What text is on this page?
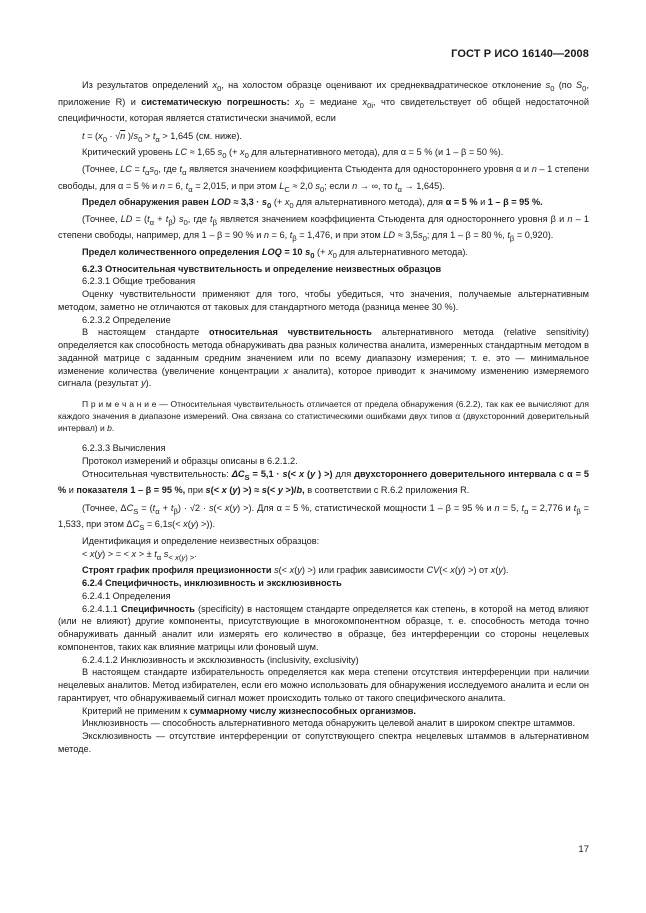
ГОСТ Р ИСО 16140—2008

Из результатов определений $x_0$, на холостом образце оценивают их среднеквадратическое отклонение $s_0$ (по $S_0$, приложение R) и систематическую погрешность: $x_0$ = медиане $x_{0i}$, что свидетельствует об общей недостаточной специфичности, которая является статистически значимой, если

$t = (x_0 \cdot √n$ )$/s_0 > t_\alpha > 1,645$ (см. ниже).

Критический уровень LC ≈ 1,65 $s_0$ (+ $x_0$ для альтернативного метода), для α = 5 % (и 1 – β = 50 %).

(Точнее, LC = $t_\alpha s_0$, где $t_\alpha$ является значением коэффициента Стьюдента для одностороннего уровня α и n – 1 степени свободы, для α = 5 % и n = 6, $t_\alpha = 2,015$, и при этом $L_C \approx 2,0$ $s_0$; если n → ∞, то $t_\alpha \to 1,645$).

Предел обнаружения равен LOD ≈ $3,3 \cdot s_0$ (+ $x_0$ для альтернативного метода), для α = 5 % и 1 – β = 95 %.

(Точнее, LD = $(t_\alpha + t_\beta)$ $s_0$, где $t_\beta$ является значением коэффициента Стьюдента для одностороннего уровня β и n – 1 степени свободы, например, для 1 – β = 90 % и n = 6, $t_\beta = 1,476$, и при этом LD ≈ $3,5s_0$; для 1 – β = 80 %, $t_\beta = 0,920$).

Предел количественного определения LOQ = 10 $s_0$ (+ $x_0$ для альтернативного метода).

6.2.3 Относительная чувствительность и определение неизвестных образцов

6.2.3.1 Общие требования

Оценку чувствительности применяют для того, чтобы убедиться, что значения, получаемые альтернативным методом, заметно не отличаются от таковых для стандартного метода (разница менее 30 %).

6.2.3.2 Определение

В настоящем стандарте относительная чувствительность альтернативного метода (relative sensitivity) определяется как способность метода обнаруживать два разных количества аналита, измеренных стандартным методом в заданной матрице с заданным средним значением или по всему диапазону измерения; т. е. это — минимальное изменение количества (увеличение концентрации x аналита), которое приводит к значимому изменению измеряемого сигнала (результат y).

П р и м е ч а н и е — Относительная чувствительность отличается от предела обнаружения (6.2.2), так как ее вычисляют для каждого значения в диапазоне измерений. Она связана со статистическими ошибками двух типов α (двухсторонний доверительный интервал) и b.

6.2.3.3 Вычисления

Протокол измерений и образцы описаны в 6.2.1.2.

Относительная чувствительность: $\Delta C_S = 5,1 \cdot s(< x$ (y ) >) для двухстороннего доверительного интервала с α = 5 % и показателя 1 – β = 95 %, при s(< x (y) >) ≈ s(< y >)/b, в соответствии с R.6.2 приложения R.

(Точнее, $\Delta C_S = (t_\alpha + t_\beta) \cdot √2 \cdot s(< x(y)$ >). Для α = 5 %, статистической мощности 1 – β = 95 % и n = 5, $t_\alpha = 2,776$ и $t_\beta = 1,533$, при этом $\Delta C_S = 6,1s(< x(y)$ >)).

Идентификация и определение неизвестных образцов:

< x(y) > = < x > ± $t_\alpha$ $s_{< x(y) >}$.

Строят график профиля прецизионности s(< x(y) >) или график зависимости CV(< x(y) >) от x(y).

6.2.4 Специфичность, инклюзивность и эксклюзивность

6.2.4.1 Определения

6.2.4.1.1 Специфичность (specificity) в настоящем стандарте определяется как степень, в которой на метод влияют (или не влияют) другие компоненты, присутствующие в многокомпонентном образце, т. е. способность метода точно обнаруживать данный аналит или измерять его количество в образце, без интерференции со стороны нецелевых компонентов, таких как влияние матрицы или фоновый шум.

6.2.4.1.2 Инклюзивность и эксклюзивность (inclusivity, exclusivity)

В настоящем стандарте избирательность определяется как мера степени отсутствия интерференции при наличии нецелевых аналитов. Метод избирателен, если его можно использовать для обнаружения исследуемого аналита и если он гарантирует, что обнаруживаемый сигнал может происходить только от такого специфического аналита.

Критерий не применим к суммарному числу жизнеспособных организмов.

Инклюзивность — способность альтернативного метода обнаружить целевой аналит в широком спектре штаммов.

Эксклюзивность — отсутствие интерференции от сопутствующего спектра нецелевых штаммов в альтернативном методе.

17
